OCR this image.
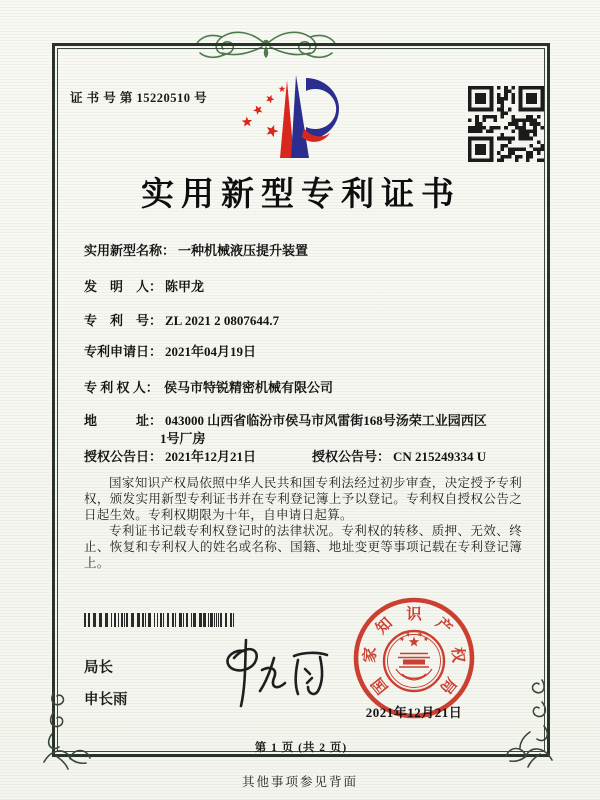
证 书 号 第 15220510 号
实用新型专利证书
实用新型名称： 一种机械液压提升装置
发　明　人： 陈甲龙
专　利　号： ZL 2021 2 0807644.7
专利申请日： 2021年04月19日
专 利 权 人： 侯马市特锐精密机械有限公司
地　　　址： 043000 山西省临汾市侯马市风雷街168号汤荣工业园西区
1号厂房
授权公告日： 2021年12月21日	授权公告号： CN 215249334 U

国家知识产权局依照中华人民共和国专利法经过初步审查，决定授予专利权，颁发实用新型专利证书并在专利登记簿上予以登记。专利权自授权公告之日起生效。专利权期限为十年，自申请日起算。

专利证书记载专利权登记时的法律状况。专利权的转移、质押、无效、终止、恢复和专利权人的姓名或名称、国籍、地址变更等事项记载在专利登记簿上。

局长
申长雨
2021年12月21日
国
家
知
识
产
权
局
第 1 页 (共 2 页)
其他事项参见背面
